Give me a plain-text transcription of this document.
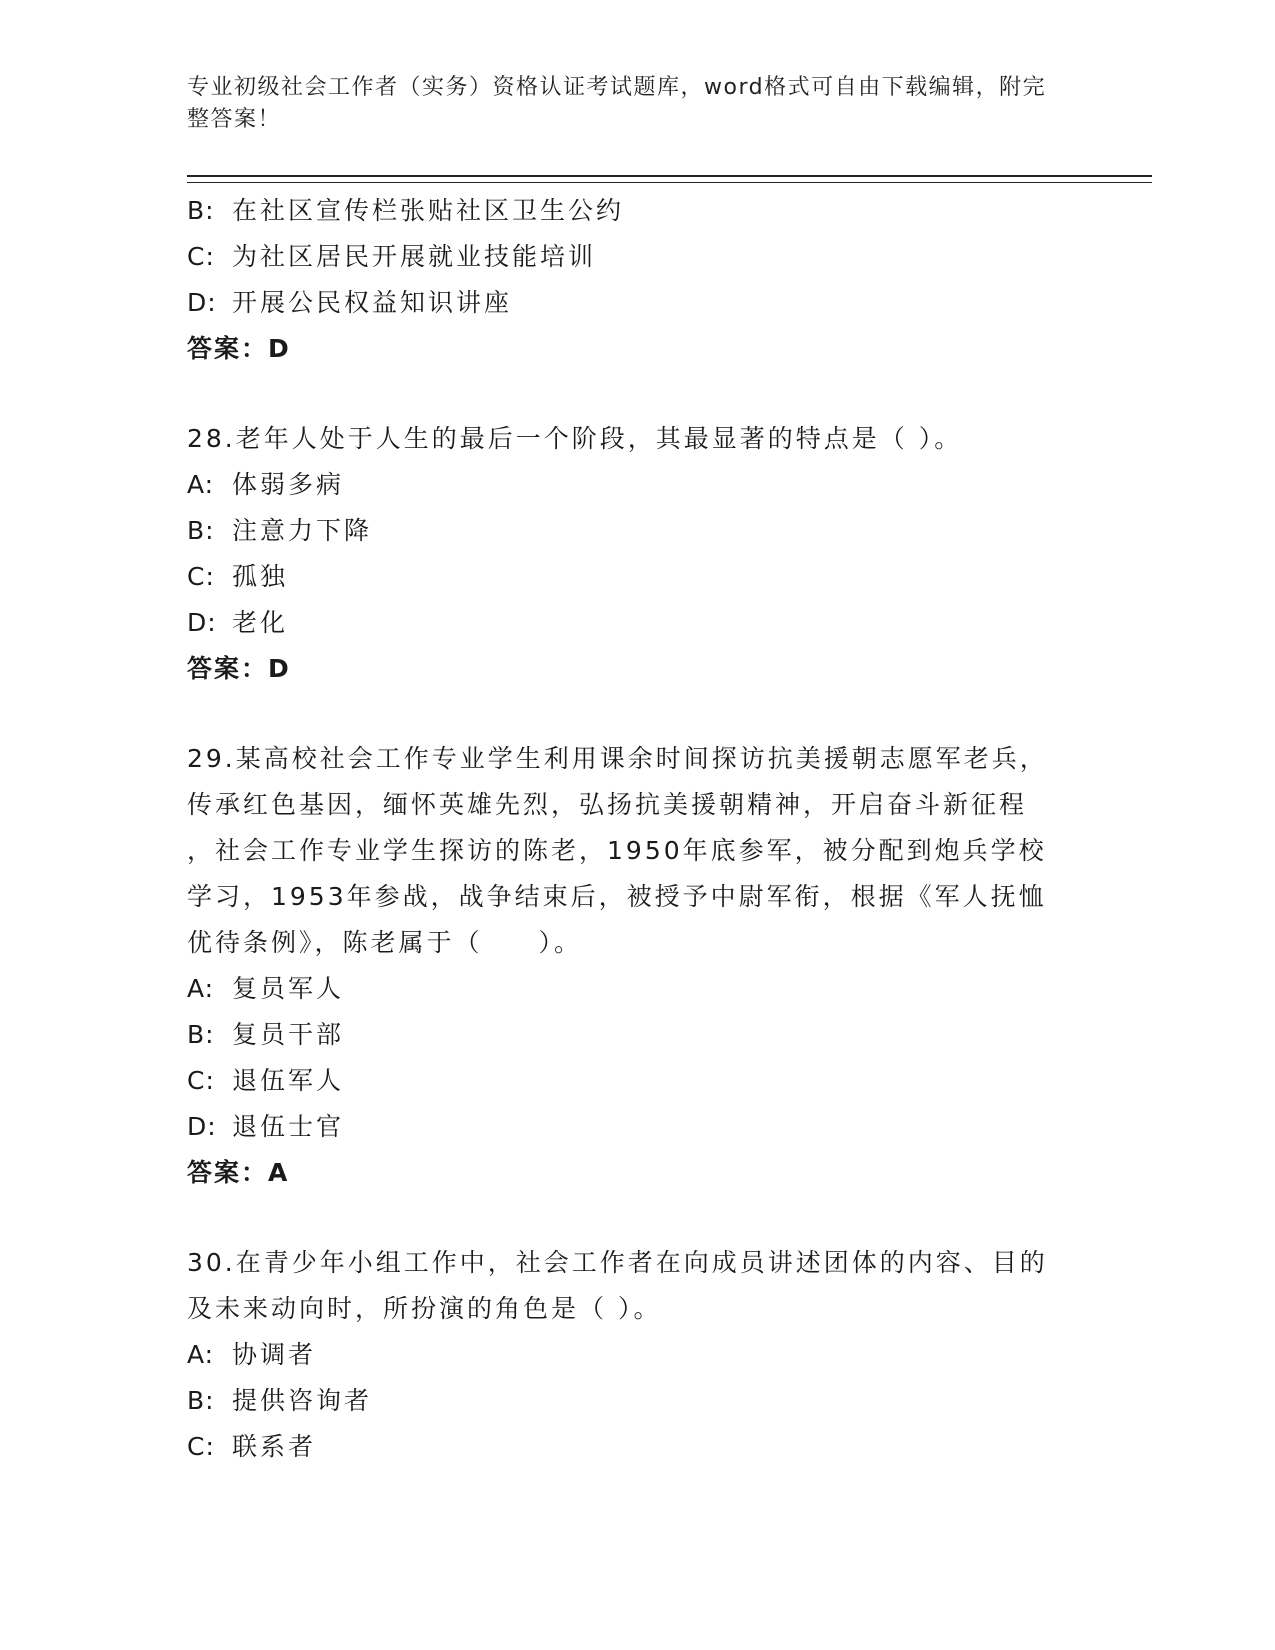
专业初级社会工作者（实务）资格认证考试题库，word格式可自由下载编辑，附完整答案！
B: 在社区宣传栏张贴社区卫生公约
C: 为社区居民开展就业技能培训
D: 开展公民权益知识讲座
答案：D
28.老年人处于人生的最后一个阶段，其最显著的特点是（ ）。
A: 体弱多病
B: 注意力下降
C: 孤独
D: 老化
答案：D
29.某高校社会工作专业学生利用课余时间探访抗美援朝志愿军老兵，
传承红色基因，缅怀英雄先烈，弘扬抗美援朝精神，开启奋斗新征程
，社会工作专业学生探访的陈老，1950年底参军，被分配到炮兵学校
学习，1953年参战，战争结束后，被授予中尉军衔，根据《军人抚恤
优待条例》，陈老属于（　　）。
A: 复员军人
B: 复员干部
C: 退伍军人
D: 退伍士官
答案：A
30.在青少年小组工作中，社会工作者在向成员讲述团体的内容、目的
及未来动向时，所扮演的角色是（ ）。
A: 协调者
B: 提供咨询者
C: 联系者
